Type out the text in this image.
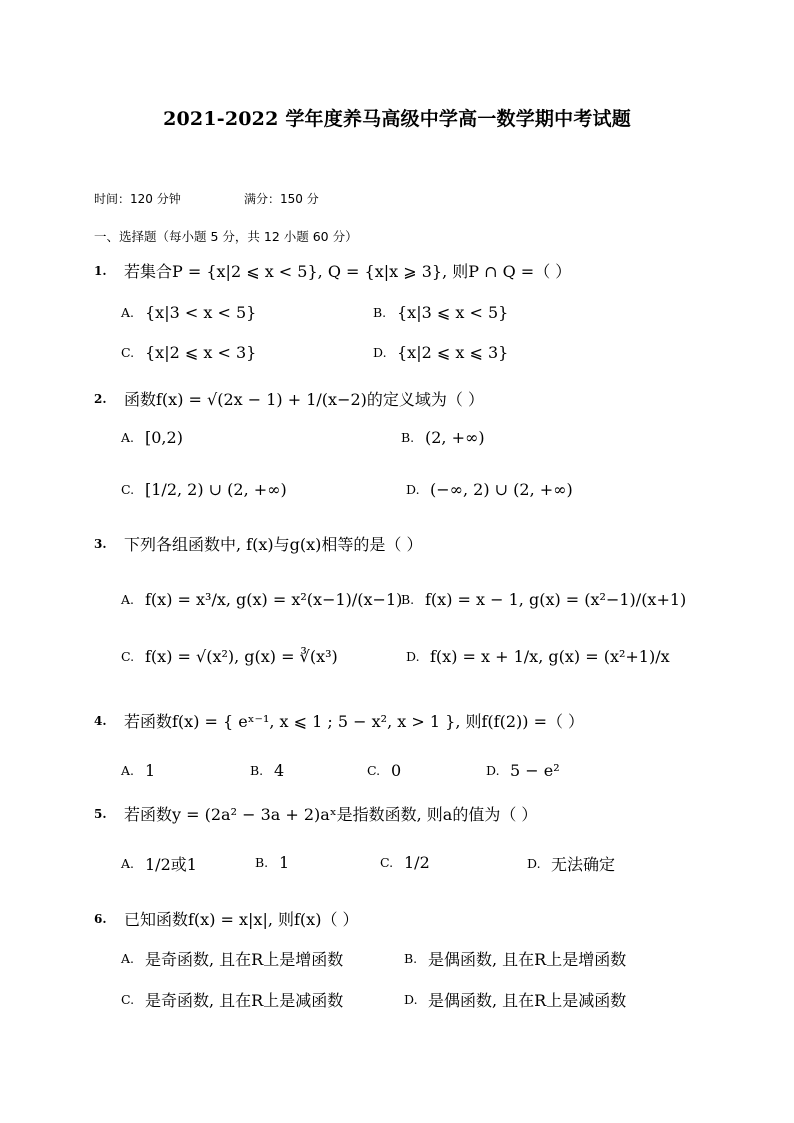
2021-2022 学年度养马高级中学高一数学期中考试题
时间：120 分钟	满分：150 分
一、选择题（每小题 5 分，共 12 小题 60 分）
1. 若集合P = {x|2 ⩽ x < 5}, Q = {x|x ⩾ 3}, 则P ∩ Q =（ ）
A. {x|3 < x < 5}	B. {x|3 ⩽ x < 5}
C. {x|2 ⩽ x < 3}	D. {x|2 ⩽ x ⩽ 3}
2. 函数f(x) = √(2x − 1) + 1/(x−2)的定义域为（ ）
A. [0,2)	B. (2, +∞)
C. [1/2, 2) ∪ (2, +∞)	D. (−∞, 2) ∪ (2, +∞)
3. 下列各组函数中, f(x)与g(x)相等的是（ ）
A. f(x) = x³/x, g(x) = x²(x−1)/(x−1)
B. f(x) = x − 1, g(x) = (x²−1)/(x+1)
C. f(x) = √(x²), g(x) = ∛(x³)	D. f(x) = x + 1/x, g(x) = (x²+1)/x
4. 若函数f(x) = { eˣ⁻¹, x ⩽ 1 ; 5 − x², x > 1 }, 则f(f(2)) =（ ）
A. 1	B. 4	C. 0	D. 5 − e²
5. 若函数y = (2a² − 3a + 2)aˣ是指数函数, 则a的值为（ ）
A. 1/2或1	B. 1	C. 1/2	D. 无法确定
6. 已知函数f(x) = x|x|, 则f(x)（ ）
A. 是奇函数, 且在R上是增函数	B. 是偶函数, 且在R上是增函数
C. 是奇函数, 且在R上是减函数	D. 是偶函数, 且在R上是减函数
